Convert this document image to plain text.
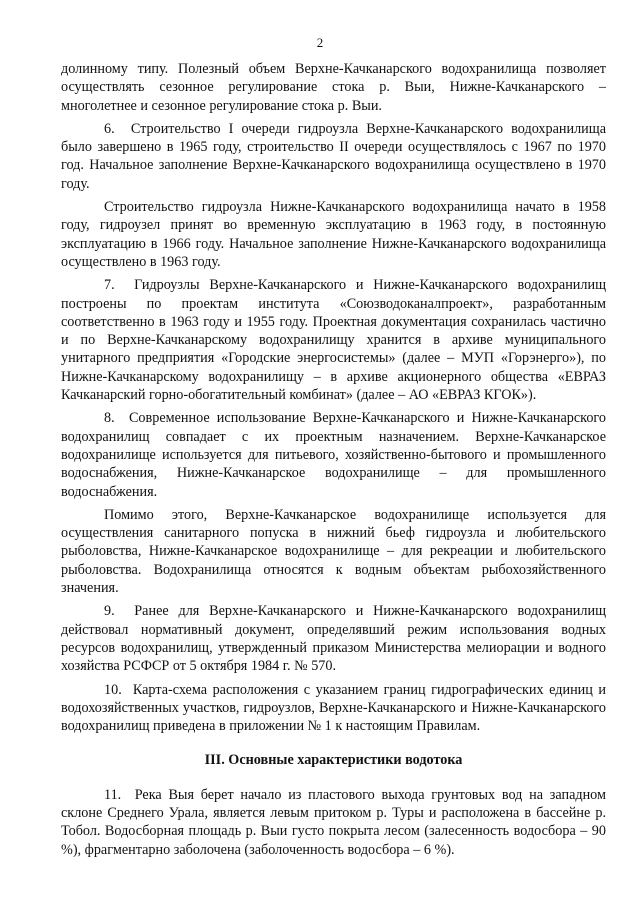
2

долинному типу. Полезный объем Верхне-Качканарского водохранилища позволяет осуществлять сезонное регулирование стока р. Выи, Нижне-Качканарского – многолетнее и сезонное регулирование стока р. Выи.

6.  Строительство I очереди гидроузла Верхне-Качканарского водохранилища было завершено в 1965 году, строительство II очереди осуществлялось с 1967 по 1970 год. Начальное заполнение Верхне-Качканарского водохранилища осуществлено в 1970 году.

Строительство гидроузла Нижне-Качканарского водохранилища начато в 1958 году, гидроузел принят во временную эксплуатацию в 1963 году, в постоянную эксплуатацию в 1966 году. Начальное заполнение Нижне-Качканарского водохранилища осуществлено в 1963 году.

7.  Гидроузлы Верхне-Качканарского и Нижне-Качканарского водохранилищ построены по проектам института «Союзводоканалпроект», разработанным соответственно в 1963 году и 1955 году. Проектная документация сохранилась частично и по Верхне-Качканарскому водохранилищу хранится в архиве муниципального унитарного предприятия «Городские энергосистемы» (далее – МУП «Горэнерго»), по Нижне-Качканарскому водохранилищу – в архиве акционерного общества «ЕВРАЗ Качканарский горно-обогатительный комбинат» (далее – АО «ЕВРАЗ КГОК»).

8.  Современное использование Верхне-Качканарского и Нижне-Качканарского водохранилищ совпадает с их проектным назначением. Верхне-Качканарское водохранилище используется для питьевого, хозяйственно-бытового и промышленного водоснабжения, Нижне-Качканарское водохранилище – для промышленного водоснабжения.

Помимо этого, Верхне-Качканарское водохранилище используется для осуществления санитарного попуска в нижний бьеф гидроузла и любительского рыболовства, Нижне-Качканарское водохранилище – для рекреации и любительского рыболовства. Водохранилища относятся к водным объектам рыбохозяйственного значения.

9.  Ранее для Верхне-Качканарского и Нижне-Качканарского водохранилищ действовал нормативный документ, определявший режим использования водных ресурсов водохранилищ, утвержденный приказом Министерства мелиорации и водного хозяйства РСФСР от 5 октября 1984 г. № 570.

10.  Карта-схема расположения с указанием границ гидрографических единиц и водохозяйственных участков, гидроузлов, Верхне-Качканарского и Нижне-Качканарского водохранилищ приведена в приложении № 1 к настоящим Правилам.

III. Основные характеристики водотока

11.  Река Выя берет начало из пластового выхода грунтовых вод на западном склоне Среднего Урала, является левым притоком р. Туры и расположена в бассейне р. Тобол. Водосборная площадь р. Выи густо покрыта лесом (залесенность водосбора – 90 %), фрагментарно заболочена (заболоченность водосбора – 6 %).
